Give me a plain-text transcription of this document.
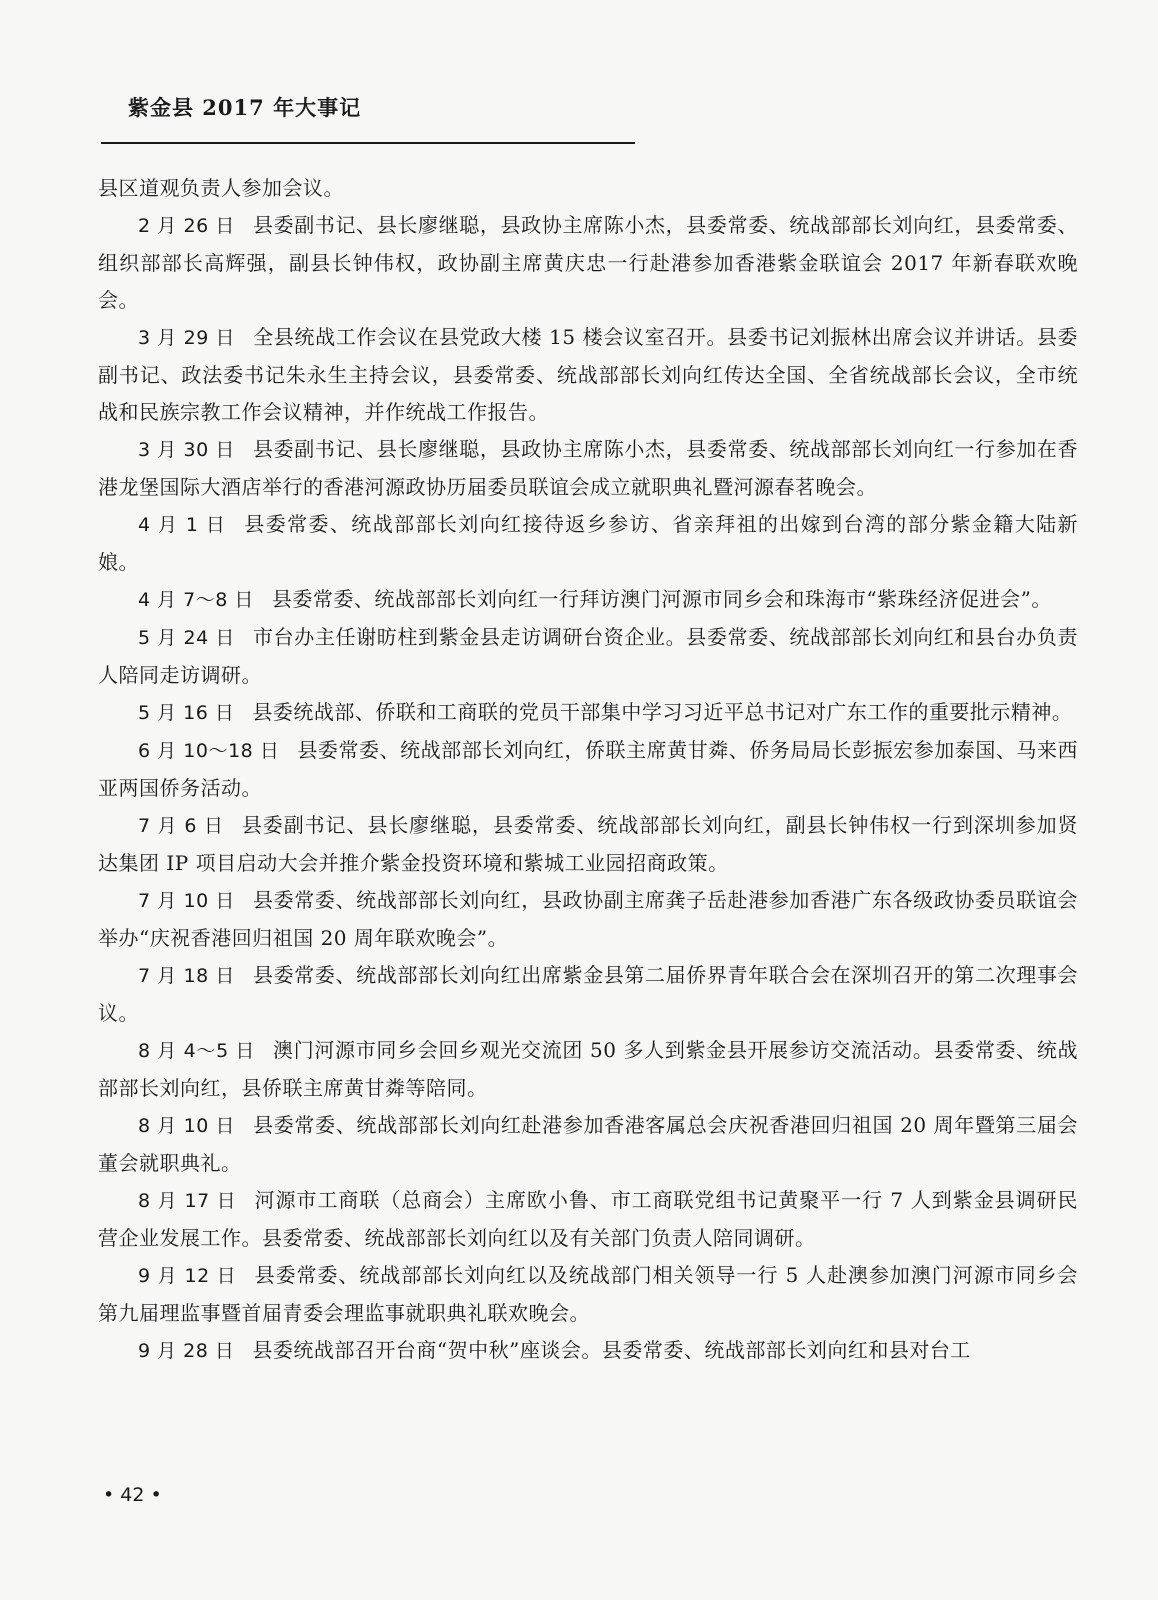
紫金县 2017 年大事记

县区道观负责人参加会议。

2 月 26 日 县委副书记、县长廖继聪，县政协主席陈小杰，县委常委、统战部部长刘向红，县委常委、组织部部长高辉强，副县长钟伟权，政协副主席黄庆忠一行赴港参加香港紫金联谊会 2017 年新春联欢晚会。

3 月 29 日 全县统战工作会议在县党政大楼 15 楼会议室召开。县委书记刘振林出席会议并讲话。县委副书记、政法委书记朱永生主持会议，县委常委、统战部部长刘向红传达全国、全省统战部长会议，全市统战和民族宗教工作会议精神，并作统战工作报告。

3 月 30 日 县委副书记、县长廖继聪，县政协主席陈小杰，县委常委、统战部部长刘向红一行参加在香港龙堡国际大酒店举行的香港河源政协历届委员联谊会成立就职典礼暨河源春茗晚会。

4 月 1 日 县委常委、统战部部长刘向红接待返乡参访、省亲拜祖的出嫁到台湾的部分紫金籍大陆新娘。

4 月 7～8 日 县委常委、统战部部长刘向红一行拜访澳门河源市同乡会和珠海市“紫珠经济促进会”。

5 月 24 日 市台办主任谢昉柱到紫金县走访调研台资企业。县委常委、统战部部长刘向红和县台办负责人陪同走访调研。

5 月 16 日 县委统战部、侨联和工商联的党员干部集中学习习近平总书记对广东工作的重要批示精神。

6 月 10～18 日 县委常委、统战部部长刘向红，侨联主席黄甘粦、侨务局局长彭振宏参加泰国、马来西亚两国侨务活动。

7 月 6 日 县委副书记、县长廖继聪，县委常委、统战部部长刘向红，副县长钟伟权一行到深圳参加贤达集团 IP 项目启动大会并推介紫金投资环境和紫城工业园招商政策。

7 月 10 日 县委常委、统战部部长刘向红，县政协副主席龚子岳赴港参加香港广东各级政协委员联谊会举办“庆祝香港回归祖国 20 周年联欢晚会”。

7 月 18 日 县委常委、统战部部长刘向红出席紫金县第二届侨界青年联合会在深圳召开的第二次理事会议。

8 月 4～5 日 澳门河源市同乡会回乡观光交流团 50 多人到紫金县开展参访交流活动。县委常委、统战部部长刘向红，县侨联主席黄甘粦等陪同。

8 月 10 日 县委常委、统战部部长刘向红赴港参加香港客属总会庆祝香港回归祖国 20 周年暨第三届会董会就职典礼。

8 月 17 日 河源市工商联（总商会）主席欧小鲁、市工商联党组书记黄聚平一行 7 人到紫金县调研民营企业发展工作。县委常委、统战部部长刘向红以及有关部门负责人陪同调研。

9 月 12 日 县委常委、统战部部长刘向红以及统战部门相关领导一行 5 人赴澳参加澳门河源市同乡会第九届理监事暨首届青委会理监事就职典礼联欢晚会。

9 月 28 日 县委统战部召开台商“贺中秋”座谈会。县委常委、统战部部长刘向红和县对台工

• 42 •
